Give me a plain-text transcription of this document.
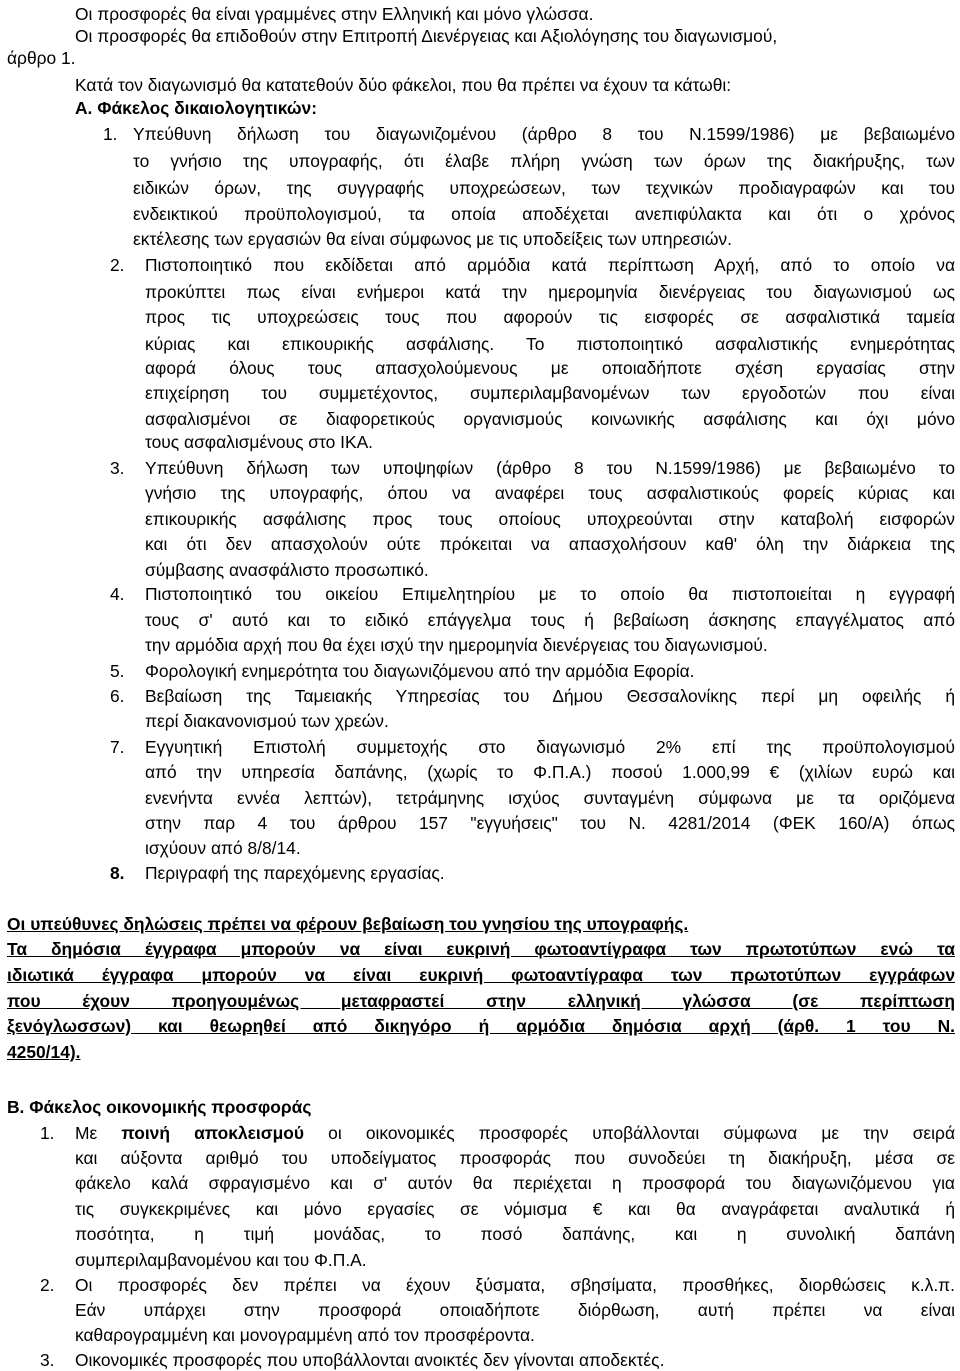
Οι προσφορές θα είναι γραμμένες στην Ελληνική και μόνο γλώσσα.
Οι προσφορές θα επιδοθούν στην Επιτροπή Διενέργειας και Αξιολόγησης του διαγωνισμού,
άρθρο 1.
Κατά τον διαγωνισμό θα κατατεθούν δύο φάκελοι, που θα πρέπει να έχουν τα κάτωθι:
Α. Φάκελος δικαιολογητικών:
1. Υπεύθυνη δήλωση του διαγωνιζομένου (άρθρο 8 του Ν.1599/1986) με βεβαιωμένο
το γνήσιο της υπογραφής, ότι έλαβε πλήρη γνώση των όρων της διακήρυξης, των
ειδικών όρων, της συγγραφής υποχρεώσεων, των τεχνικών προδιαγραφών και του
ενδεικτικού προϋπολογισμού, τα οποία αποδέχεται ανεπιφύλακτα και ότι ο χρόνος
εκτέλεσης των εργασιών θα είναι σύμφωνος με τις υποδείξεις των υπηρεσιών.
2. Πιστοποιητικό που εκδίδεται από αρμόδια κατά περίπτωση Αρχή, από το οποίο να
προκύπτει πως είναι ενήμεροι κατά την ημερομηνία διενέργειας του διαγωνισμού ως
προς τις υποχρεώσεις τους που αφορούν τις εισφορές σε ασφαλιστικά ταμεία
κύριας και επικουρικής ασφάλισης. Το πιστοποιητικό ασφαλιστικής ενημερότητας
αφορά όλους τους απασχολούμενους με οποιαδήποτε σχέση εργασίας στην
επιχείρηση του συμμετέχοντος, συμπεριλαμβανομένων των εργοδοτών που είναι
ασφαλισμένοι σε διαφορετικούς οργανισμούς κοινωνικής ασφάλισης και όχι μόνο
τους ασφαλισμένους στο ΙΚΑ.
3. Υπεύθυνη δήλωση των υποψηφίων (άρθρο 8 του Ν.1599/1986) με βεβαιωμένο το
γνήσιο της υπογραφής, όπου να αναφέρει τους ασφαλιστικούς φορείς κύριας και
επικουρικής ασφάλισης προς τους οποίους υποχρεούνται στην καταβολή εισφορών
και ότι δεν απασχολούν ούτε πρόκειται να απασχολήσουν καθ' όλη την διάρκεια της
σύμβασης ανασφάλιστο προσωπικό.
4. Πιστοποιητικό του οικείου Επιμελητηρίου με το οποίο θα πιστοποιείται η εγγραφή
τους σ' αυτό και το ειδικό επάγγελμα τους ή βεβαίωση άσκησης επαγγέλματος από
την αρμόδια αρχή που θα έχει ισχύ την ημερομηνία διενέργειας του διαγωνισμού.
5. Φορολογική ενημερότητα του διαγωνιζόμενου από την αρμόδια Εφορία.
6. Βεβαίωση της Ταμειακής Υπηρεσίας του Δήμου Θεσσαλονίκης περί μη οφειλής ή
περί διακανονισμού των χρεών.
7. Εγγυητική Επιστολή συμμετοχής στο διαγωνισμό 2% επί της προϋπολογισμού
από την υπηρεσία δαπάνης, (χωρίς το Φ.Π.Α.) ποσού 1.000,99 € (χιλίων ευρώ και
ενενήντα εννέα λεπτών), τετράμηνης ισχύος συνταγμένη σύμφωνα με τα οριζόμενα
στην παρ 4 του άρθρου 157 "εγγυήσεις" του Ν. 4281/2014 (ΦΕΚ 160/Α) όπως
ισχύουν από 8/8/14.
8. Περιγραφή της παρεχόμενης εργασίας.
Οι υπεύθυνες δηλώσεις πρέπει να φέρουν βεβαίωση του γνησίου της υπογραφής.
Τα δημόσια έγγραφα μπορούν να είναι ευκρινή φωτοαντίγραφα των πρωτοτύπων ενώ τα
ιδιωτικά έγγραφα μπορούν να είναι ευκρινή φωτοαντίγραφα των πρωτοτύπων εγγράφων
που έχουν προηγουμένως μεταφραστεί στην ελληνική γλώσσα (σε περίπτωση
ξενόγλωσσων) και θεωρηθεί από δικηγόρο ή αρμόδια δημόσια αρχή (άρθ. 1 του Ν.
4250/14).
Β. Φάκελος οικονομικής προσφοράς
1. Με ποινή αποκλεισμού οι οικονομικές προσφορές υποβάλλονται σύμφωνα με την σειρά
και αύξοντα αριθμό του υποδείγματος προσφοράς που συνοδεύει τη διακήρυξη, μέσα σε
φάκελο καλά σφραγισμένο και σ' αυτόν θα περιέχεται η προσφορά του διαγωνιζόμενου για
τις συγκεκριμένες και μόνο εργασίες σε νόμισμα € και θα αναγράφεται αναλυτικά ή
ποσότητα, η τιμή μονάδας, το ποσό δαπάνης, και η συνολική δαπάνη
συμπεριλαμβανομένου και του Φ.Π.Α.
2. Οι προσφορές δεν πρέπει να έχουν ξύσματα, σβησίματα, προσθήκες, διορθώσεις κ.λ.π.
Εάν υπάρχει στην προσφορά οποιαδήποτε διόρθωση, αυτή πρέπει να είναι
καθαρογραμμένη και μονογραμμένη από τον προσφέροντα.
3. Οικονομικές προσφορές που υποβάλλονται ανοικτές δεν γίνονται αποδεκτές.
